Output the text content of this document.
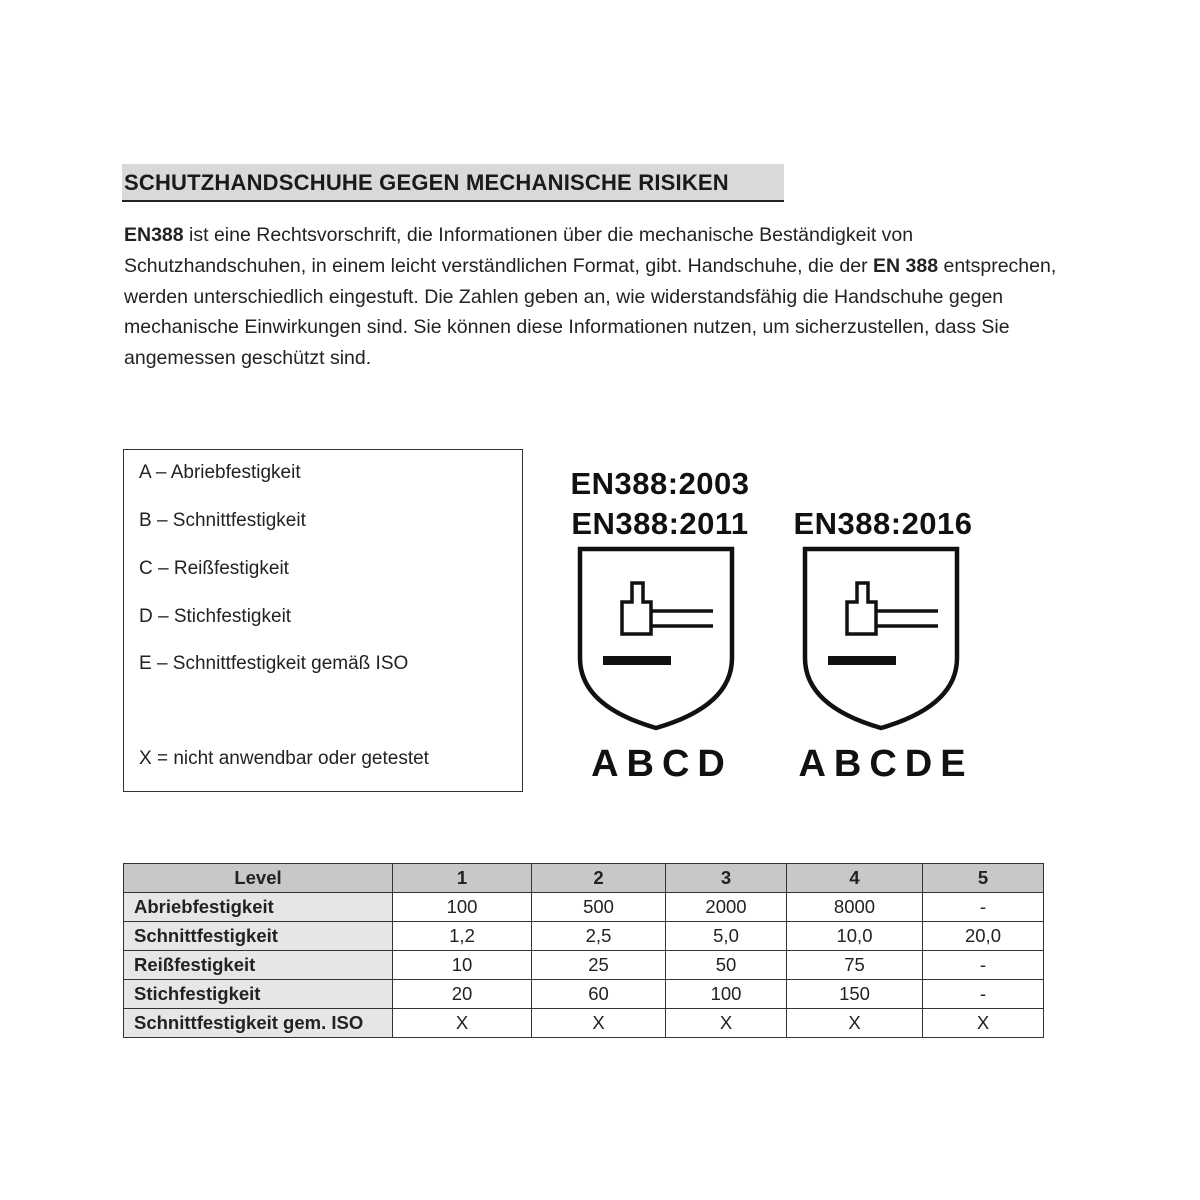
SCHUTZHANDSCHUHE GEGEN MECHANISCHE RISIKEN
EN388 ist eine Rechtsvorschrift, die Informationen über die mechanische Beständigkeit von Schutzhandschuhen, in einem leicht verständlichen Format, gibt. Handschuhe, die der EN 388 entsprechen, werden unterschiedlich eingestuft. Die Zahlen geben an, wie widerstandsfähig die Handschuhe gegen mechanische Einwirkungen sind. Sie können diese Informationen nutzen, um sicherzustellen, dass Sie angemessen geschützt sind.
A – Abriebfestigkeit
B – Schnittfestigkeit
C – Reißfestigkeit
D – Stichfestigkeit
E – Schnittfestigkeit gemäß ISO
X = nicht anwendbar oder getestet
EN388:2003
EN388:2011
ABCD
EN388:2016
ABCDE
Level	1	2	3	4	5
Abriebfestigkeit	100	500	2000	8000	-
Schnittfestigkeit	1,2	2,5	5,0	10,0	20,0
Reißfestigkeit	10	25	50	75	-
Stichfestigkeit	20	60	100	150	-
Schnittfestigkeit gem. ISO	X	X	X	X	X
